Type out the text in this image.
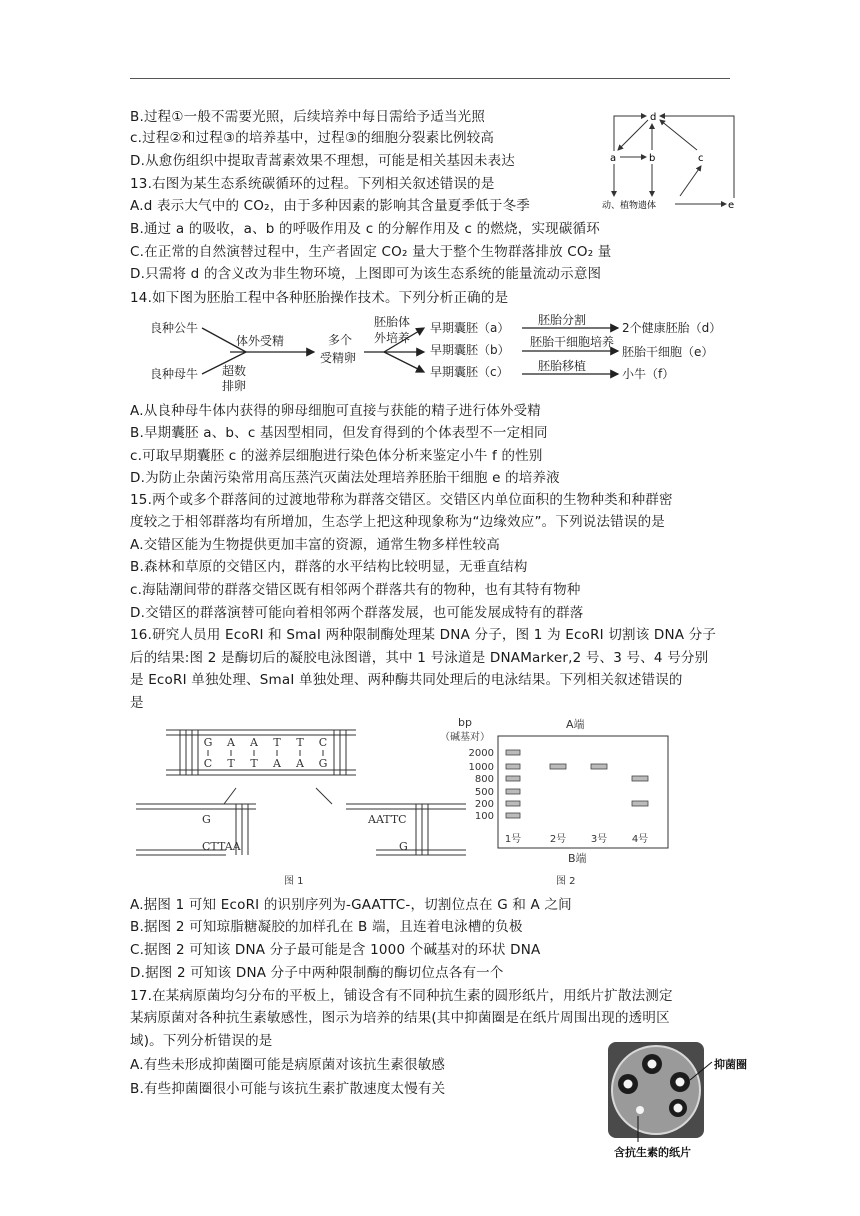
B.过程①一般不需要光照，后续培养中每日需给予适当光照
c.过程②和过程③的培养基中，过程③的细胞分裂素比例较高
D.从愈伤组织中提取青蒿素效果不理想，可能是相关基因未表达
13.右图为某生态系统碳循环的过程。下列相关叙述错误的是
A.d 表示大气中的 CO₂，由于多种因素的影响其含量夏季低于冬季
B.通过 a 的吸收，a、b 的呼吸作用及 c 的分解作用及 c 的燃烧，实现碳循环
C.在正常的自然演替过程中，生产者固定 CO₂ 量大于整个生物群落排放 CO₂ 量
D.只需将 d 的含义改为非生物环境，上图即可为该生态系统的能量流动示意图
14.如下图为胚胎工程中各种胚胎操作技术。下列分析正确的是
A.从良种母牛体内获得的卵母细胞可直接与获能的精子进行体外受精
B.早期囊胚 a、b、c 基因型相同，但发育得到的个体表型不一定相同
c.可取早期囊胚 c 的滋养层细胞进行染色体分析来鉴定小牛 f 的性别
D.为防止杂菌污染常用高压蒸汽灭菌法处理培养胚胎干细胞 e 的培养液
15.两个或多个群落间的过渡地带称为群落交错区。交错区内单位面积的生物种类和种群密
度较之于相邻群落均有所增加，生态学上把这种现象称为“边缘效应”。下列说法错误的是
A.交错区能为生物提供更加丰富的资源，通常生物多样性较高
B.森林和草原的交错区内，群落的水平结构比较明显，无垂直结构
c.海陆潮间带的群落交错区既有相邻两个群落共有的物种，也有其特有物种
D.交错区的群落演替可能向着相邻两个群落发展，也可能发展成特有的群落
16.研究人员用 EcoRⅠ 和 SmaⅠ 两种限制酶处理某 DNA 分子，图 1 为 EcoRⅠ 切割该 DNA 分子
后的结果:图 2 是酶切后的凝胶电泳图谱，其中 1 号泳道是 DNAMarker,2 号、3 号、4 号分别
是 EcoRⅠ 单独处理、SmaⅠ 单独处理、两种酶共同处理后的电泳结果。下列相关叙述错误的
是
A.据图 1 可知 EcoRI 的识别序列为-GAATTC-，切割位点在 G 和 A 之间
B.据图 2 可知琼脂糖凝胶的加样孔在 B 端，且连着电泳槽的负极
C.据图 2 可知该 DNA 分子最可能是含 1000 个碱基对的环状 DNA
D.据图 2 可知该 DNA 分子中两种限制酶的酶切位点各有一个
17.在某病原菌均匀分布的平板上，铺设含有不同种抗生素的圆形纸片，用纸片扩散法测定
某病原菌对各种抗生素敏感性，图示为培养的结果(其中抑菌圈是在纸片周围出现的透明区
域)。下列分析错误的是
A.有些未形成抑菌圈可能是病原菌对该抗生素很敏感
B.有些抑菌圈很小可能与该抗生素扩散速度太慢有关
d
a	b	c
动、植物遗体	e
良种公牛
良种母牛 超数
排卵
体外受精	多个
受精卵
胚胎体
外培养
早期囊胚（a）
早期囊胚（b）
早期囊胚（c）
胚胎分割
胚胎干细胞培养
胚胎移植
2个健康胚胎（d）
胚胎干细胞（e）
小牛（f）
G A A T T C
C T T A A G
G
CTTAA
AATTC
G
图 1
bp
（碱基对）
A端
2000
1000
800
500
200
100
1号	2号 3号 4号
B端
图 2
抑菌圈
含抗生素的纸片
